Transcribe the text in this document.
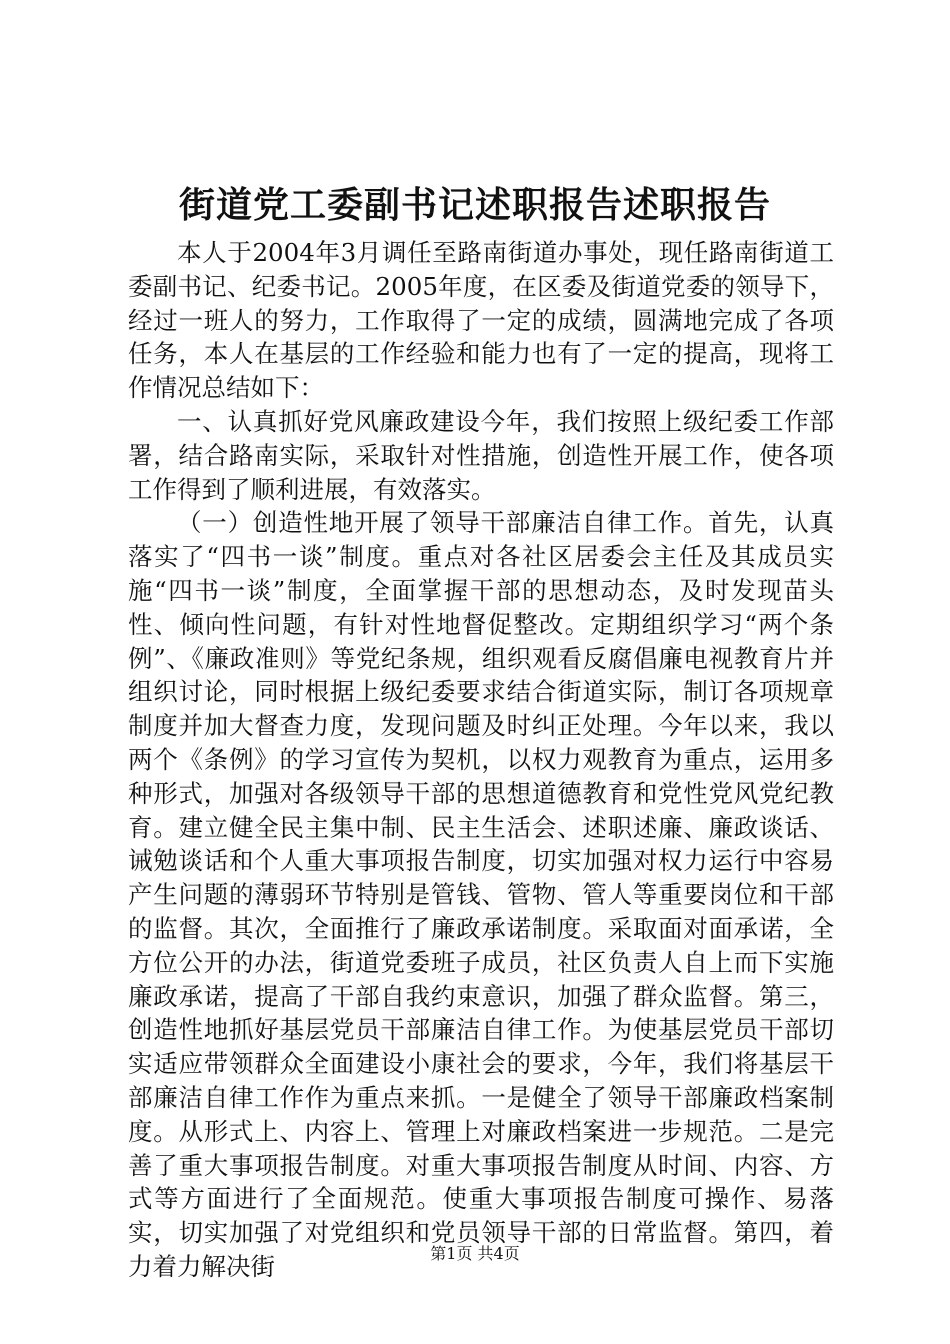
街道党工委副书记述职报告述职报告

本人于2004年3月调任至路南街道办事处，现任路南街道工委副书记、纪委书记。2005年度，在区委及街道党委的领导下，经过一班人的努力，工作取得了一定的成绩，圆满地完成了各项任务，本人在基层的工作经验和能力也有了一定的提高，现将工作情况总结如下：

一、认真抓好党风廉政建设今年，我们按照上级纪委工作部署，结合路南实际，采取针对性措施，创造性开展工作，使各项工作得到了顺利进展，有效落实。

（一）创造性地开展了领导干部廉洁自律工作。首先，认真落实了“四书一谈”制度。重点对各社区居委会主任及其成员实施“四书一谈”制度，全面掌握干部的思想动态，及时发现苗头性、倾向性问题，有针对性地督促整改。定期组织学习“两个条例”、《廉政准则》等党纪条规，组织观看反腐倡廉电视教育片并组织讨论，同时根据上级纪委要求结合街道实际，制订各项规章制度并加大督查力度，发现问题及时纠正处理。今年以来，我以两个《条例》的学习宣传为契机，以权力观教育为重点，运用多种形式，加强对各级领导干部的思想道德教育和党性党风党纪教育。建立健全民主集中制、民主生活会、述职述廉、廉政谈话、诫勉谈话和个人重大事项报告制度，切实加强对权力运行中容易产生问题的薄弱环节特别是管钱、管物、管人等重要岗位和干部的监督。其次，全面推行了廉政承诺制度。采取面对面承诺，全方位公开的办法，街道党委班子成员，社区负责人自上而下实施廉政承诺，提高了干部自我约束意识，加强了群众监督。第三，创造性地抓好基层党员干部廉洁自律工作。为使基层党员干部切实适应带领群众全面建设小康社会的要求，今年，我们将基层干部廉洁自律工作作为重点来抓。一是健全了领导干部廉政档案制度。从形式上、内容上、管理上对廉政档案进一步规范。二是完善了重大事项报告制度。对重大事项报告制度从时间、内容、方式等方面进行了全面规范。使重大事项报告制度可操作、易落实，切实加强了对党组织和党员领导干部的日常监督。第四，着力着力解决街	第1页 共4页
